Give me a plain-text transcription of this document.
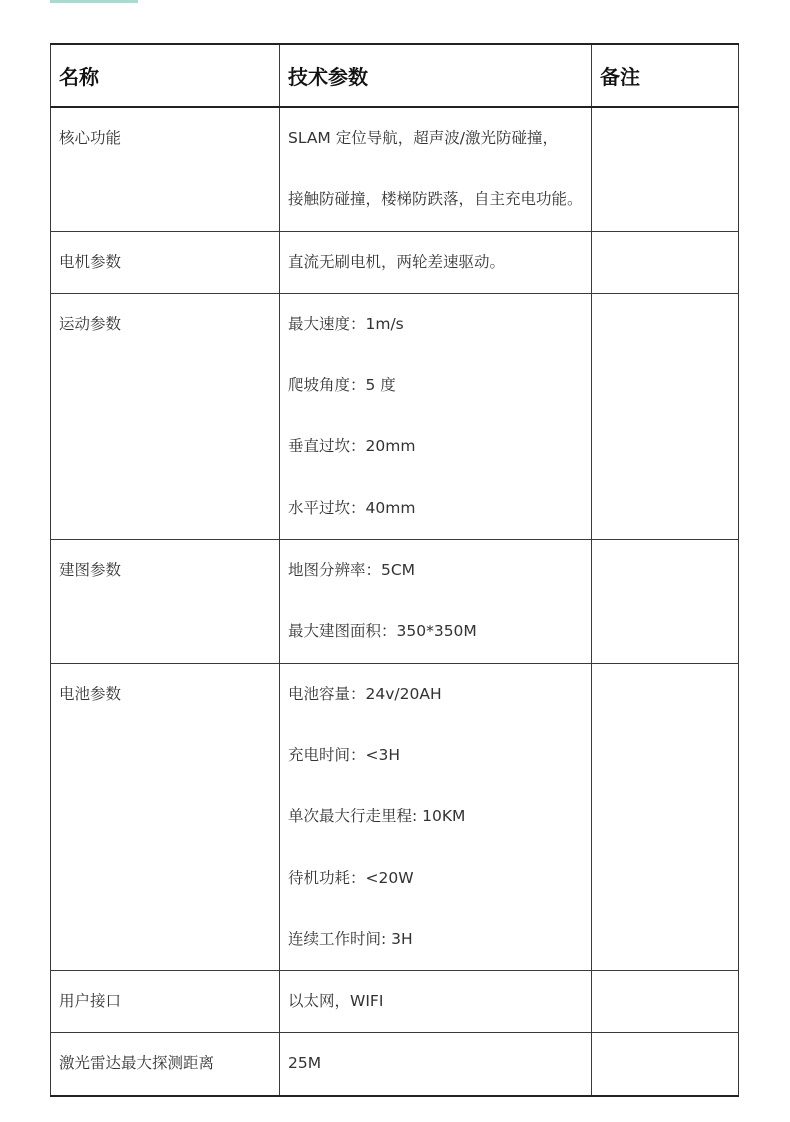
名称	技术参数	备注

核心功能	SLAM 定位导航，超声波/激光防碰撞，
接触防碰撞，楼梯防跌落，自主充电功能。	

电机参数	直流无刷电机，两轮差速驱动。	

运动参数	最大速度：1m/s
爬坡角度：5 度
垂直过坎：20mm
水平过坎：40mm	

建图参数	地图分辨率：5CM
最大建图面积：350*350M	

电池参数	电池容量：24v/20AH
充电时间：<3H
单次最大行走里程: 10KM
待机功耗：<20W
连续工作时间: 3H	

用户接口	以太网，WIFI	

激光雷达最大探测距离	25M	
